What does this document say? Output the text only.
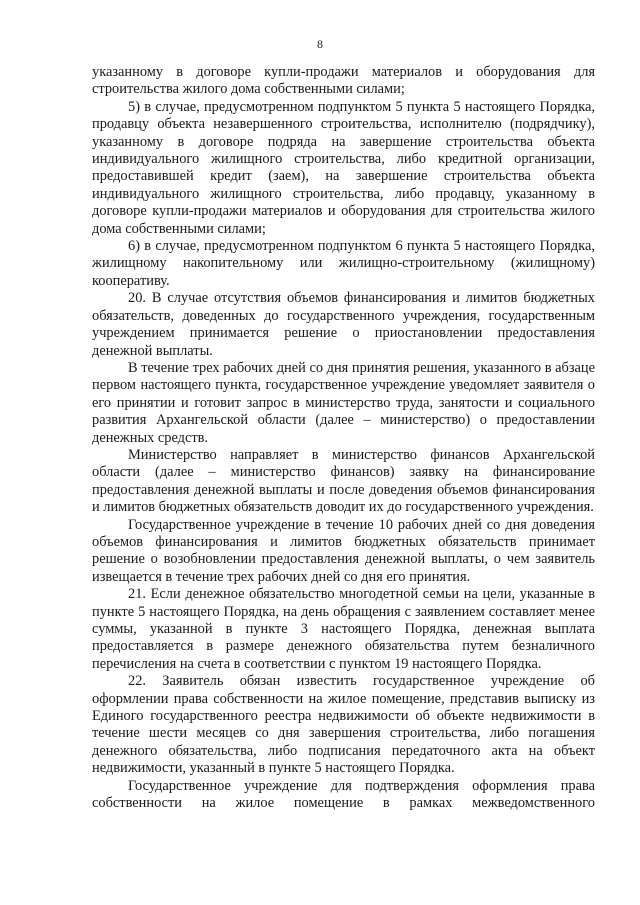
8

указанному в договоре купли-продажи материалов и оборудования для строительства жилого дома собственными силами;

5) в случае, предусмотренном подпунктом 5 пункта 5 настоящего Порядка, продавцу объекта незавершенного строительства, исполнителю (подрядчику), указанному в договоре подряда на завершение строительства объекта индивидуального жилищного строительства, либо кредитной организации, предоставившей кредит (заем), на завершение строительства объекта индивидуального жилищного строительства, либо продавцу, указанному в договоре купли-продажи материалов и оборудования для строительства жилого дома собственными силами;

6) в случае, предусмотренном подпунктом 6 пункта 5 настоящего Порядка, жилищному накопительному или жилищно-строительному (жилищному) кооперативу.

20. В случае отсутствия объемов финансирования и лимитов бюджетных обязательств, доведенных до государственного учреждения, государственным учреждением принимается решение о приостановлении предоставления денежной выплаты.

В течение трех рабочих дней со дня принятия решения, указанного в абзаце первом настоящего пункта, государственное учреждение уведомляет заявителя о его принятии и готовит запрос в министерство труда, занятости и социального развития Архангельской области (далее – министерство) о предоставлении денежных средств.

Министерство направляет в министерство финансов Архангельской области (далее – министерство финансов) заявку на финансирование предоставления денежной выплаты и после доведения объемов финансирования и лимитов бюджетных обязательств доводит их до государственного учреждения.

Государственное учреждение в течение 10 рабочих дней со дня доведения объемов финансирования и лимитов бюджетных обязательств принимает решение о возобновлении предоставления денежной выплаты, о чем заявитель извещается в течение трех рабочих дней со дня его принятия.

21. Если денежное обязательство многодетной семьи на цели, указанные в пункте 5 настоящего Порядка, на день обращения с заявлением составляет менее суммы, указанной в пункте 3 настоящего Порядка, денежная выплата предоставляется в размере денежного обязательства путем безналичного перечисления на счета в соответствии с пунктом 19 настоящего Порядка.

22. Заявитель обязан известить государственное учреждение об оформлении права собственности на жилое помещение, представив выписку из Единого государственного реестра недвижимости об объекте недвижимости в течение шести месяцев со дня завершения строительства, либо погашения денежного обязательства, либо подписания передаточного акта на объект недвижимости, указанный в пункте 5 настоящего Порядка.

Государственное учреждение для подтверждения оформления права собственности на жилое помещение в рамках межведомственного
